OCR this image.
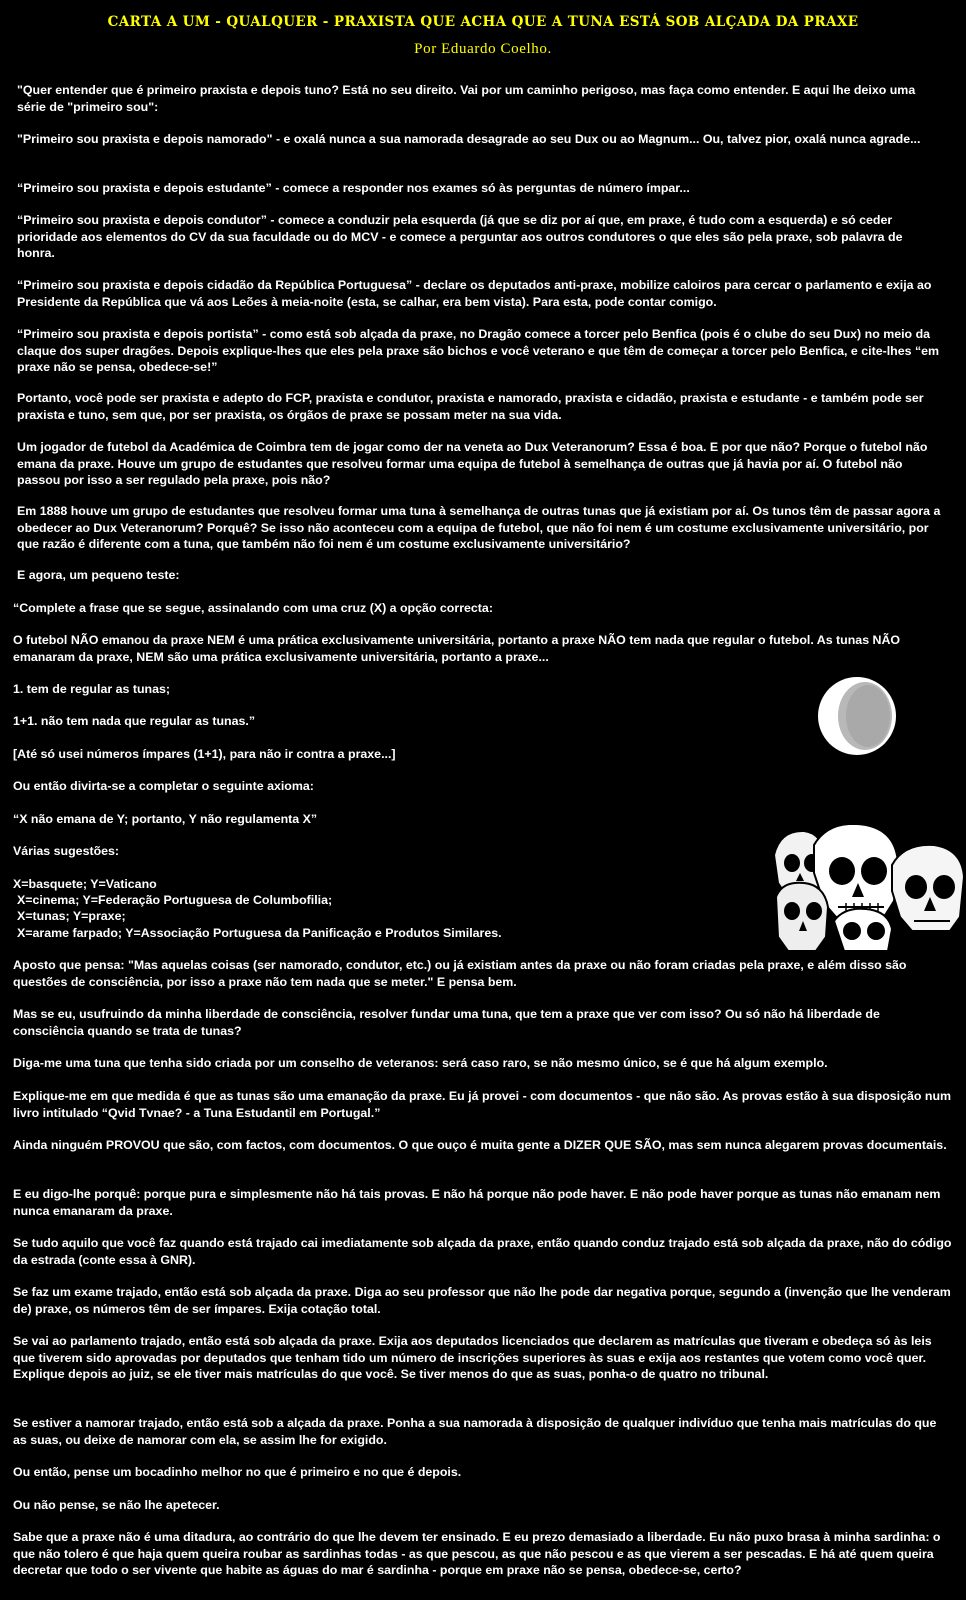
CARTA A UM - QUALQUER - PRAXISTA QUE ACHA QUE A TUNA ESTÁ SOB ALÇADA DA PRAXE
Por Eduardo Coelho.

"Quer entender que é primeiro praxista e depois tuno? Está no seu direito. Vai por um caminho perigoso, mas faça como entender. E aqui lhe deixo uma série de "primeiro sou":

"Primeiro sou praxista e depois namorado" - e oxalá nunca a sua namorada desagrade ao seu Dux ou ao Magnum... Ou, talvez pior, oxalá nunca agrade...

“Primeiro sou praxista e depois estudante” - comece a responder nos exames só às perguntas de número ímpar...

“Primeiro sou praxista e depois condutor” - comece a conduzir pela esquerda (já que se diz por aí que, em praxe, é tudo com a esquerda) e só ceder prioridade aos elementos do CV da sua faculdade ou do MCV - e comece a perguntar aos outros condutores o que eles são pela praxe, sob palavra de honra.

“Primeiro sou praxista e depois cidadão da República Portuguesa” - declare os deputados anti-praxe, mobilize caloiros para cercar o parlamento e exija ao Presidente da República que vá aos Leões à meia-noite (esta, se calhar, era bem vista). Para esta, pode contar comigo.

“Primeiro sou praxista e depois portista” - como está sob alçada da praxe, no Dragão comece a torcer pelo Benfica (pois é o clube do seu Dux) no meio da claque dos super dragões. Depois explique-lhes que eles pela praxe são bichos e você veterano e que têm de começar a torcer pelo Benfica, e cite-lhes “em praxe não se pensa, obedece-se!”

Portanto, você pode ser praxista e adepto do FCP, praxista e condutor, praxista e namorado, praxista e cidadão, praxista e estudante - e também pode ser praxista e tuno, sem que, por ser praxista, os órgãos de praxe se possam meter na sua vida.

Um jogador de futebol da Académica de Coimbra tem de jogar como der na veneta ao Dux Veteranorum? Essa é boa. E por que não? Porque o futebol não emana da praxe. Houve um grupo de estudantes que resolveu formar uma equipa de futebol à semelhança de outras que já havia por aí. O futebol não passou por isso a ser regulado pela praxe, pois não?

Em 1888 houve um grupo de estudantes que resolveu formar uma tuna à semelhança de outras tunas que já existiam por aí. Os tunos têm de passar agora a obedecer ao Dux Veteranorum? Porquê? Se isso não aconteceu com a equipa de futebol, que não foi nem é um costume exclusivamente universitário, por que razão é diferente com a tuna, que também não foi nem é um costume exclusivamente universitário?

E agora, um pequeno teste:

“Complete a frase que se segue, assinalando com uma cruz (X) a opção correcta:

O futebol NÃO emanou da praxe NEM é uma prática exclusivamente universitária, portanto a praxe NÃO tem nada que regular o futebol. As tunas NÃO emanaram da praxe, NEM são uma prática exclusivamente universitária, portanto a praxe...

1. tem de regular as tunas;

1+1. não tem nada que regular as tunas.”

[Até só usei números ímpares (1+1), para não ir contra a praxe...]

Ou então divirta-se a completar o seguinte axioma:

“X não emana de Y; portanto, Y não regulamenta X”

Várias sugestões:

X=basquete; Y=Vaticano

X=cinema; Y=Federação Portuguesa de Columbofilia;

X=tunas; Y=praxe;

X=arame farpado; Y=Associação Portuguesa da Panificação e Produtos Similares.

Aposto que pensa: "Mas aquelas coisas (ser namorado, condutor, etc.) ou já existiam antes da praxe ou não foram criadas pela praxe, e além disso são questões de consciência, por isso a praxe não tem nada que se meter." E pensa bem.

Mas se eu, usufruindo da minha liberdade de consciência, resolver fundar uma tuna, que tem a praxe que ver com isso? Ou só não há liberdade de consciência quando se trata de tunas?

Diga-me uma tuna que tenha sido criada por um conselho de veteranos: será caso raro, se não mesmo único, se é que há algum exemplo.

Explique-me em que medida é que as tunas são uma emanação da praxe. Eu já provei - com documentos - que não são. As provas estão à sua disposição num livro intitulado “Qvid Tvnae? - a Tuna Estudantil em Portugal.”

Ainda ninguém PROVOU que são, com factos, com documentos. O que ouço é muita gente a DIZER QUE SÃO, mas sem nunca alegarem provas documentais.

E eu digo-lhe porquê: porque pura e simplesmente não há tais provas. E não há porque não pode haver. E não pode haver porque as tunas não emanam nem nunca emanaram da praxe.

Se tudo aquilo que você faz quando está trajado cai imediatamente sob alçada da praxe, então quando conduz trajado está sob alçada da praxe, não do código da estrada (conte essa à GNR).

Se faz um exame trajado, então está sob alçada da praxe. Diga ao seu professor que não lhe pode dar negativa porque, segundo a (invenção que lhe venderam de) praxe, os números têm de ser ímpares. Exija cotação total.

Se vai ao parlamento trajado, então está sob alçada da praxe. Exija aos deputados licenciados que declarem as matrículas que tiveram e obedeça só às leis que tiverem sido aprovadas por deputados que tenham tido um número de inscrições superiores às suas e exija aos restantes que votem como você quer. Explique depois ao juiz, se ele tiver mais matrículas do que você. Se tiver menos do que as suas, ponha-o de quatro no tribunal.

Se estiver a namorar trajado, então está sob a alçada da praxe. Ponha a sua namorada à disposição de qualquer indivíduo que tenha mais matrículas do que as suas, ou deixe de namorar com ela, se assim lhe for exigido.

Ou então, pense um bocadinho melhor no que é primeiro e no que é depois.

Ou não pense, se não lhe apetecer.

Sabe que a praxe não é uma ditadura, ao contrário do que lhe devem ter ensinado. E eu prezo demasiado a liberdade. Eu não puxo brasa à minha sardinha: o que não tolero é que haja quem queira roubar as sardinhas todas - as que pescou, as que não pescou e as que vierem a ser pescadas. E há até quem queira decretar que todo o ser vivente que habite as águas do mar é sardinha - porque em praxe não se pensa, obedece-se, certo?
